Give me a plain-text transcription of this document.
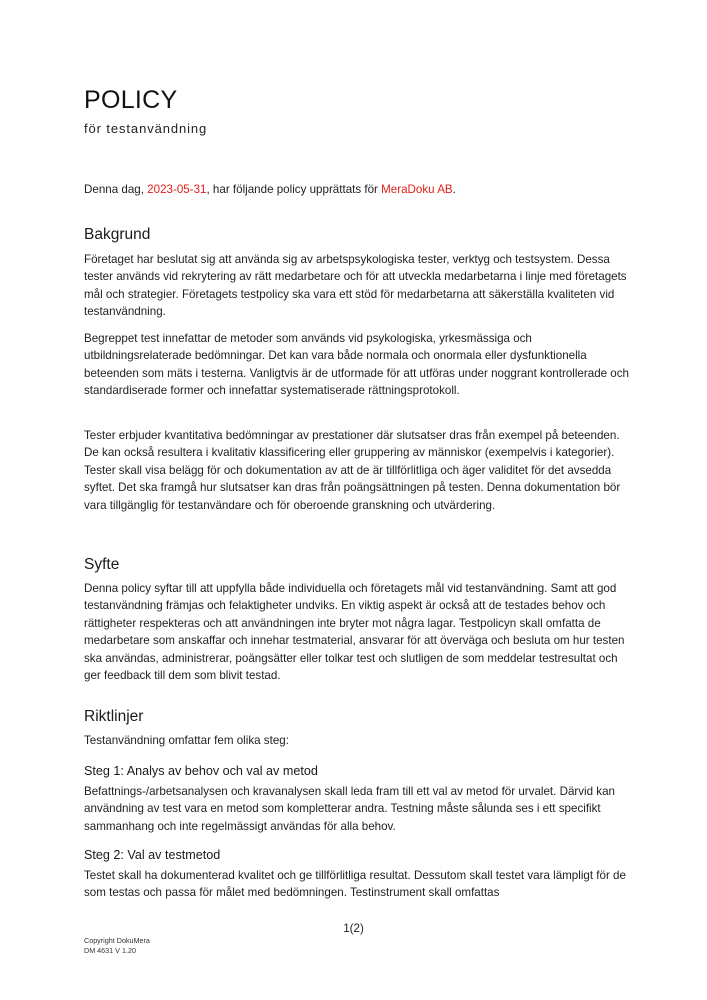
POLICY
för testanvändning
Denna dag, 2023-05-31, har följande policy upprättats för MeraDoku AB.
Bakgrund

Företaget har beslutat sig att använda sig av arbetspsykologiska tester, verktyg och testsystem. Dessa tester används vid rekrytering av rätt medarbetare och för att utveckla medarbetarna i linje med företagets mål och strategier. Företagets testpolicy ska vara ett stöd för medarbetarna att säkerställa kvaliteten vid testanvändning.

Begreppet test innefattar de metoder som används vid psykologiska, yrkesmässiga och utbildningsrelaterade bedömningar. Det kan vara både normala och onormala eller dysfunktionella beteenden som mäts i testerna. Vanligtvis är de utformade för att utföras under noggrant kontrollerade och standardiserade former och innefattar systematiserade rättningsprotokoll.

Tester erbjuder kvantitativa bedömningar av prestationer där slutsatser dras från exempel på beteenden. De kan också resultera i kvalitativ klassificering eller gruppering av människor (exempelvis i kategorier). Tester skall visa belägg för och dokumentation av att de är tillförlitliga och äger validitet för det avsedda syftet. Det ska framgå hur slutsatser kan dras från poängsättningen på testen. Denna dokumentation bör vara tillgänglig för testanvändare och för oberoende granskning och utvärdering.

Syfte

Denna policy syftar till att uppfylla både individuella och företagets mål vid testanvändning. Samt att god testanvändning främjas och felaktigheter undviks. En viktig aspekt är också att de testades behov och rättigheter respekteras och att användningen inte bryter mot några lagar. Testpolicyn skall omfatta de medarbetare som anskaffar och innehar testmaterial, ansvarar för att överväga och besluta om hur testen ska användas, administrerar, poängsätter eller tolkar test och slutligen de som meddelar testresultat och ger feedback till dem som blivit testad.

Riktlinjer

Testanvändning omfattar fem olika steg:

Steg 1: Analys av behov och val av metod

Befattnings-/arbetsanalysen och kravanalysen skall leda fram till ett val av metod för urvalet. Därvid kan användning av test vara en metod som kompletterar andra. Testning måste sålunda ses i ett specifikt sammanhang och inte regelmässigt användas för alla behov.

Steg 2: Val av testmetod

Testet skall ha dokumenterad kvalitet och ge tillförlitliga resultat. Dessutom skall testet vara lämpligt för de som testas och passa för målet med bedömningen. Testinstrument skall omfattas

1(2)
Copyright DokuMera
DM 4631 V 1.20
